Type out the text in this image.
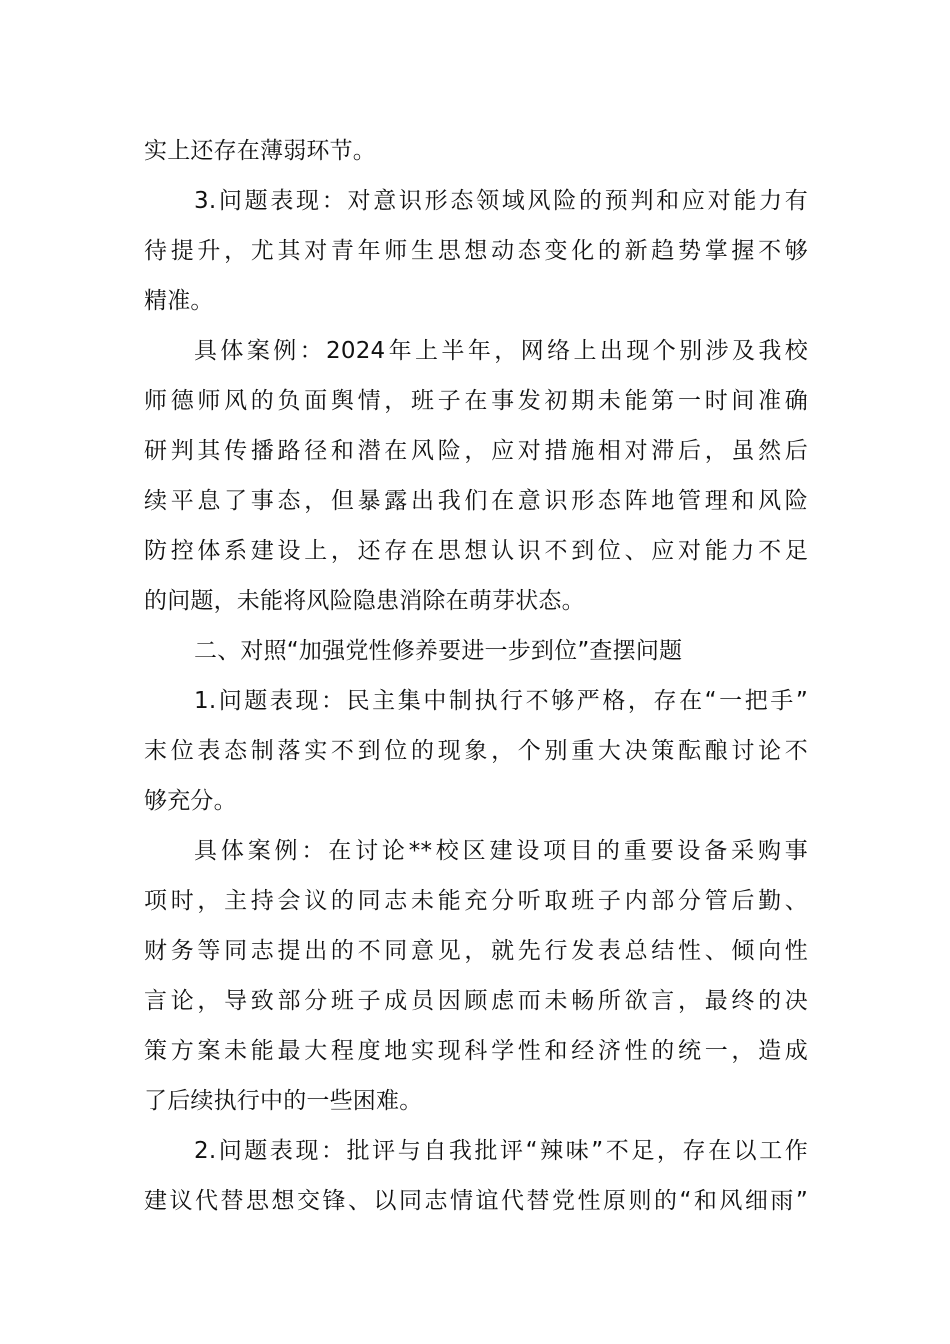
实上还存在薄弱环节。
3.问题表现：对意识形态领域风险的预判和应对能力有
待提升，尤其对青年师生思想动态变化的新趋势掌握不够
精准。
具体案例：2024年上半年，网络上出现个别涉及我校
师德师风的负面舆情，班子在事发初期未能第一时间准确
研判其传播路径和潜在风险，应对措施相对滞后，虽然后
续平息了事态，但暴露出我们在意识形态阵地管理和风险
防控体系建设上，还存在思想认识不到位、应对能力不足
的问题，未能将风险隐患消除在萌芽状态。
二、对照“加强党性修养要进一步到位”查摆问题
1.问题表现：民主集中制执行不够严格，存在“一把手”
末位表态制落实不到位的现象，个别重大决策酝酿讨论不
够充分。
具体案例：在讨论**校区建设项目的重要设备采购事
项时，主持会议的同志未能充分听取班子内部分管后勤、
财务等同志提出的不同意见，就先行发表总结性、倾向性
言论，导致部分班子成员因顾虑而未畅所欲言，最终的决
策方案未能最大程度地实现科学性和经济性的统一，造成
了后续执行中的一些困难。
2.问题表现：批评与自我批评“辣味”不足，存在以工作
建议代替思想交锋、以同志情谊代替党性原则的“和风细雨”
